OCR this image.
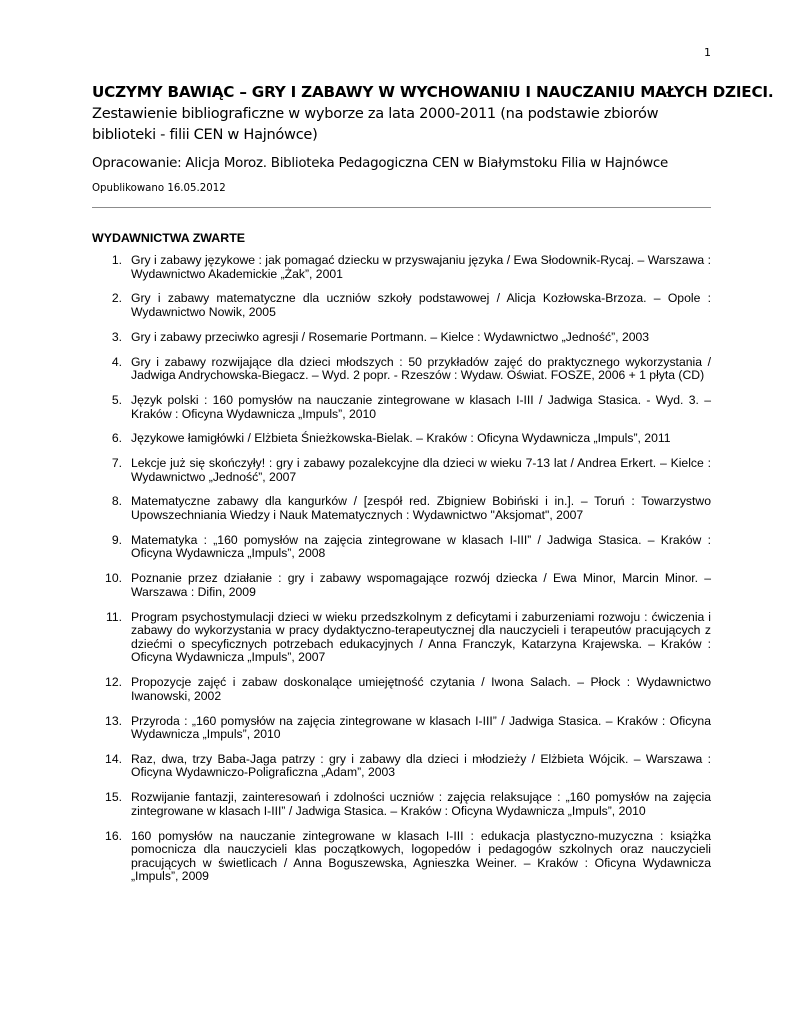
1

UCZYMY BAWIĄC – GRY I ZABAWY W WYCHOWANIU I NAUCZANIU MAŁYCH DZIECI.

Zestawienie bibliograficzne w wyborze za lata 2000-2011 (na podstawie zbiorów biblioteki - filii CEN w Hajnówce)

Opracowanie: Alicja Moroz. Biblioteka Pedagogiczna CEN w Białymstoku Filia w Hajnówce

Opublikowano 16.05.2012

WYDAWNICTWA ZWARTE
1. Gry i zabawy językowe : jak pomagać dziecku w przyswajaniu języka / Ewa Słodownik-Rycaj. – Warszawa : Wydawnictwo Akademickie „Żak”, 2001
2. Gry i zabawy matematyczne dla uczniów szkoły podstawowej / Alicja Kozłowska-Brzoza. – Opole : Wydawnictwo Nowik, 2005
3. Gry i zabawy przeciwko agresji / Rosemarie Portmann. – Kielce : Wydawnictwo „Jedność”, 2003
4. Gry i zabawy rozwijające dla dzieci młodszych : 50 przykładów zajęć do praktycznego wykorzystania / Jadwiga Andrychowska-Biegacz. – Wyd. 2 popr. - Rzeszów : Wydaw. Oświat. FOSZE, 2006 + 1 płyta (CD)
5. Język polski : 160 pomysłów na nauczanie zintegrowane w klasach I-III / Jadwiga Stasica. - Wyd. 3. – Kraków : Oficyna Wydawnicza „Impuls”, 2010
6. Językowe łamigłówki / Elżbieta Śnieżkowska-Bielak. – Kraków : Oficyna Wydawnicza „Impuls”, 2011
7. Lekcje już się skończyły! : gry i zabawy pozalekcyjne dla dzieci w wieku 7-13 lat / Andrea Erkert. – Kielce : Wydawnictwo „Jedność”, 2007
8. Matematyczne zabawy dla kangurków / [zespół red. Zbigniew Bobiński i in.]. – Toruń : Towarzystwo Upowszechniania Wiedzy i Nauk Matematycznych : Wydawnictwo "Aksjomat", 2007
9. Matematyka : „160 pomysłów na zajęcia zintegrowane w klasach I-III” / Jadwiga Stasica. – Kraków : Oficyna Wydawnicza „Impuls”, 2008
10. Poznanie przez działanie : gry i zabawy wspomagające rozwój dziecka / Ewa Minor, Marcin Minor. – Warszawa : Difin, 2009
11. Program psychostymulacji dzieci w wieku przedszkolnym z deficytami i zaburzeniami rozwoju : ćwiczenia i zabawy do wykorzystania w pracy dydaktyczno-terapeutycznej dla nauczycieli i terapeutów pracujących z dziećmi o specyficznych potrzebach edukacyjnych / Anna Franczyk, Katarzyna Krajewska. – Kraków : Oficyna Wydawnicza „Impuls”, 2007
12. Propozycje zajęć i zabaw doskonalące umiejętność czytania / Iwona Salach. – Płock : Wydawnictwo Iwanowski, 2002
13. Przyroda : „160 pomysłów na zajęcia zintegrowane w klasach I-III” / Jadwiga Stasica. – Kraków : Oficyna Wydawnicza „Impuls”, 2010
14. Raz, dwa, trzy Baba-Jaga patrzy : gry i zabawy dla dzieci i młodzieży / Elżbieta Wójcik. – Warszawa : Oficyna Wydawniczo-Poligraficzna „Adam”, 2003
15. Rozwijanie fantazji, zainteresowań i zdolności uczniów : zajęcia relaksujące : „160 pomysłów na zajęcia zintegrowane w klasach I-III” / Jadwiga Stasica. – Kraków : Oficyna Wydawnicza „Impuls”, 2010
16. 160 pomysłów na nauczanie zintegrowane w klasach I-III : edukacja plastyczno-muzyczna : książka pomocnicza dla nauczycieli klas początkowych, logopedów i pedagogów szkolnych oraz nauczycieli pracujących w świetlicach / Anna Boguszewska, Agnieszka Weiner. – Kraków : Oficyna Wydawnicza „Impuls”, 2009
